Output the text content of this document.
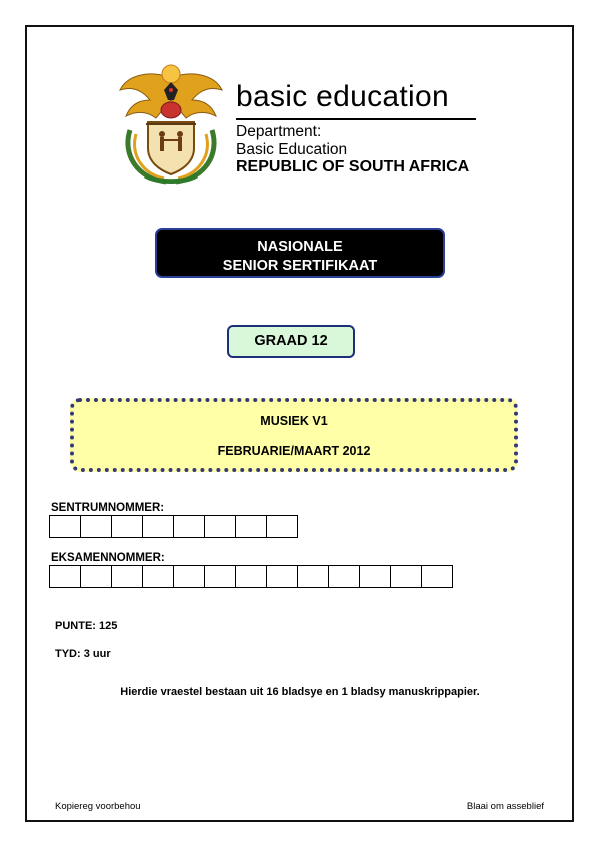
basic education
Department:
Basic Education
REPUBLIC OF SOUTH AFRICA
NASIONALE
SENIOR SERTIFIKAAT
GRAAD 12
MUSIEK V1
FEBRUARIE/MAART 2012
SENTRUMNOMMER:
EKSAMENNOMMER:
PUNTE: 125
TYD: 3 uur
Hierdie vraestel bestaan uit 16 bladsye en 1 bladsy manuskrippapier.
Kopiereg voorbehou	Blaai om asseblief
